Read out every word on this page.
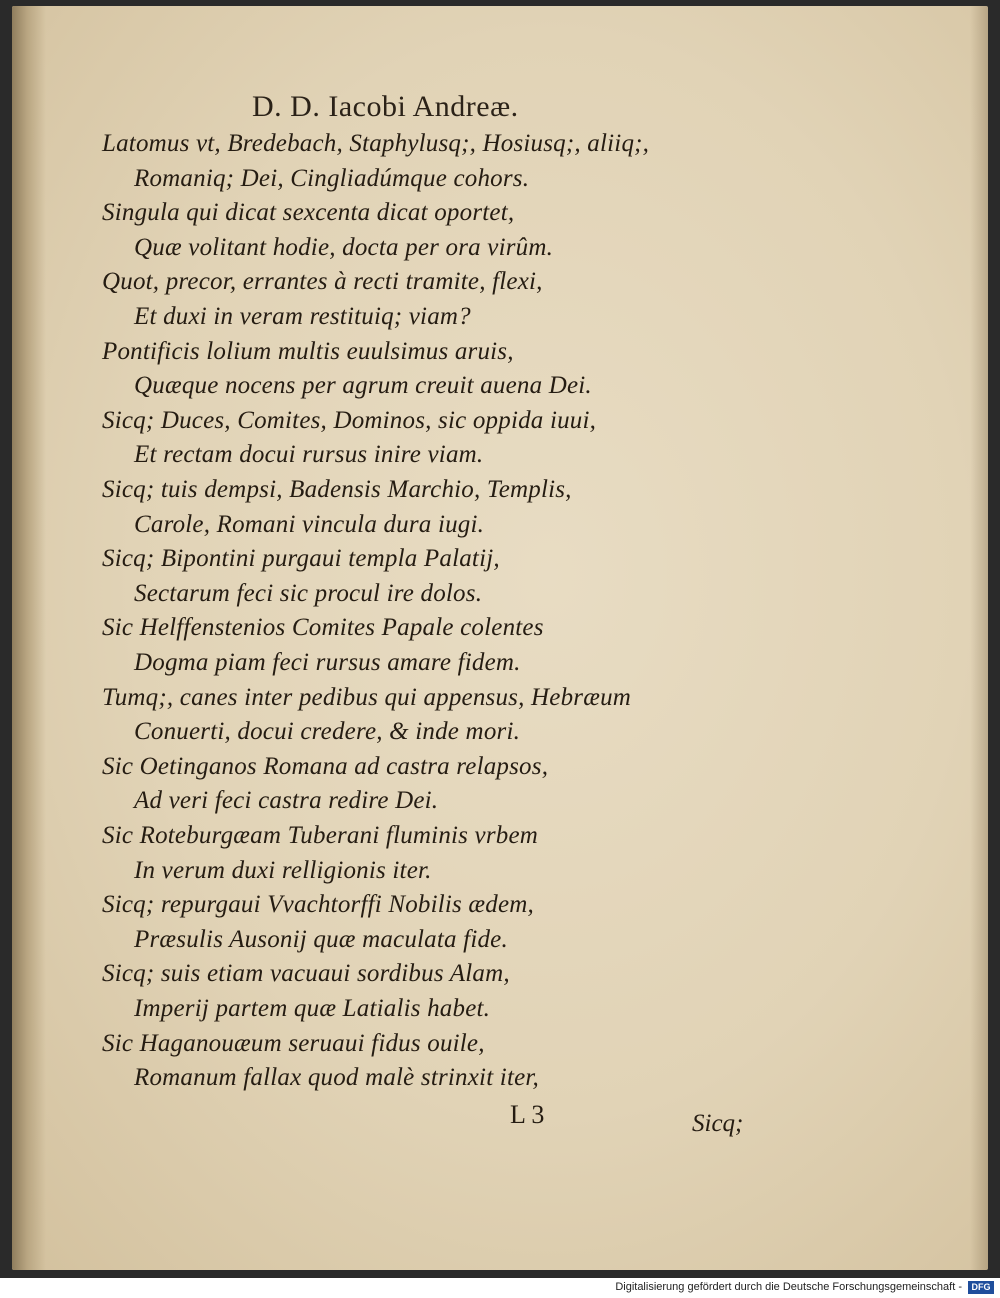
D. D. Iacobi Andreæ.
Latomus vt, Bredebach, Staphylusq;, Hosiusq;, aliiq;,
Romaniq; Dei, Cingliadúmque cohors.
Singula qui dicat sexcenta dicat oportet,
Quæ volitant hodie, docta per ora virûm.
Quot, precor, errantes à recti tramite, flexi,
Et duxi in veram restituiq; viam?
Pontificis lolium multis euulsimus aruis,
Quæque nocens per agrum creuit auena Dei.
Sicq; Duces, Comites, Dominos, sic oppida iuui,
Et rectam docui rursus inire viam.
Sicq; tuis dempsi, Badensis Marchio, Templis,
Carole, Romani vincula dura iugi.
Sicq; Bipontini purgaui templa Palatij,
Sectarum feci sic procul ire dolos.
Sic Helffenstenios Comites Papale colentes
Dogma piam feci rursus amare fidem.
Tumq;, canes inter pedibus qui appensus, Hebræum
Conuerti, docui credere, & inde mori.
Sic Oetinganos Romana ad castra relapsos,
Ad veri feci castra redire Dei.
Sic Roteburgæam Tuberani fluminis vrbem
In verum duxi relligionis iter.
Sicq; repurgaui Vvachtorffi Nobilis ædem,
Præsulis Ausonij quæ maculata fide.
Sicq; suis etiam vacuaui sordibus Alam,
Imperij partem quæ Latialis habet.
Sic Haganouæum seruaui fidus ouile,
Romanum fallax quod malè strinxit iter,
L 3	Sicq;
Digitalisierung gefördert durch die Deutsche Forschungsgemeinschaft -	DFG
